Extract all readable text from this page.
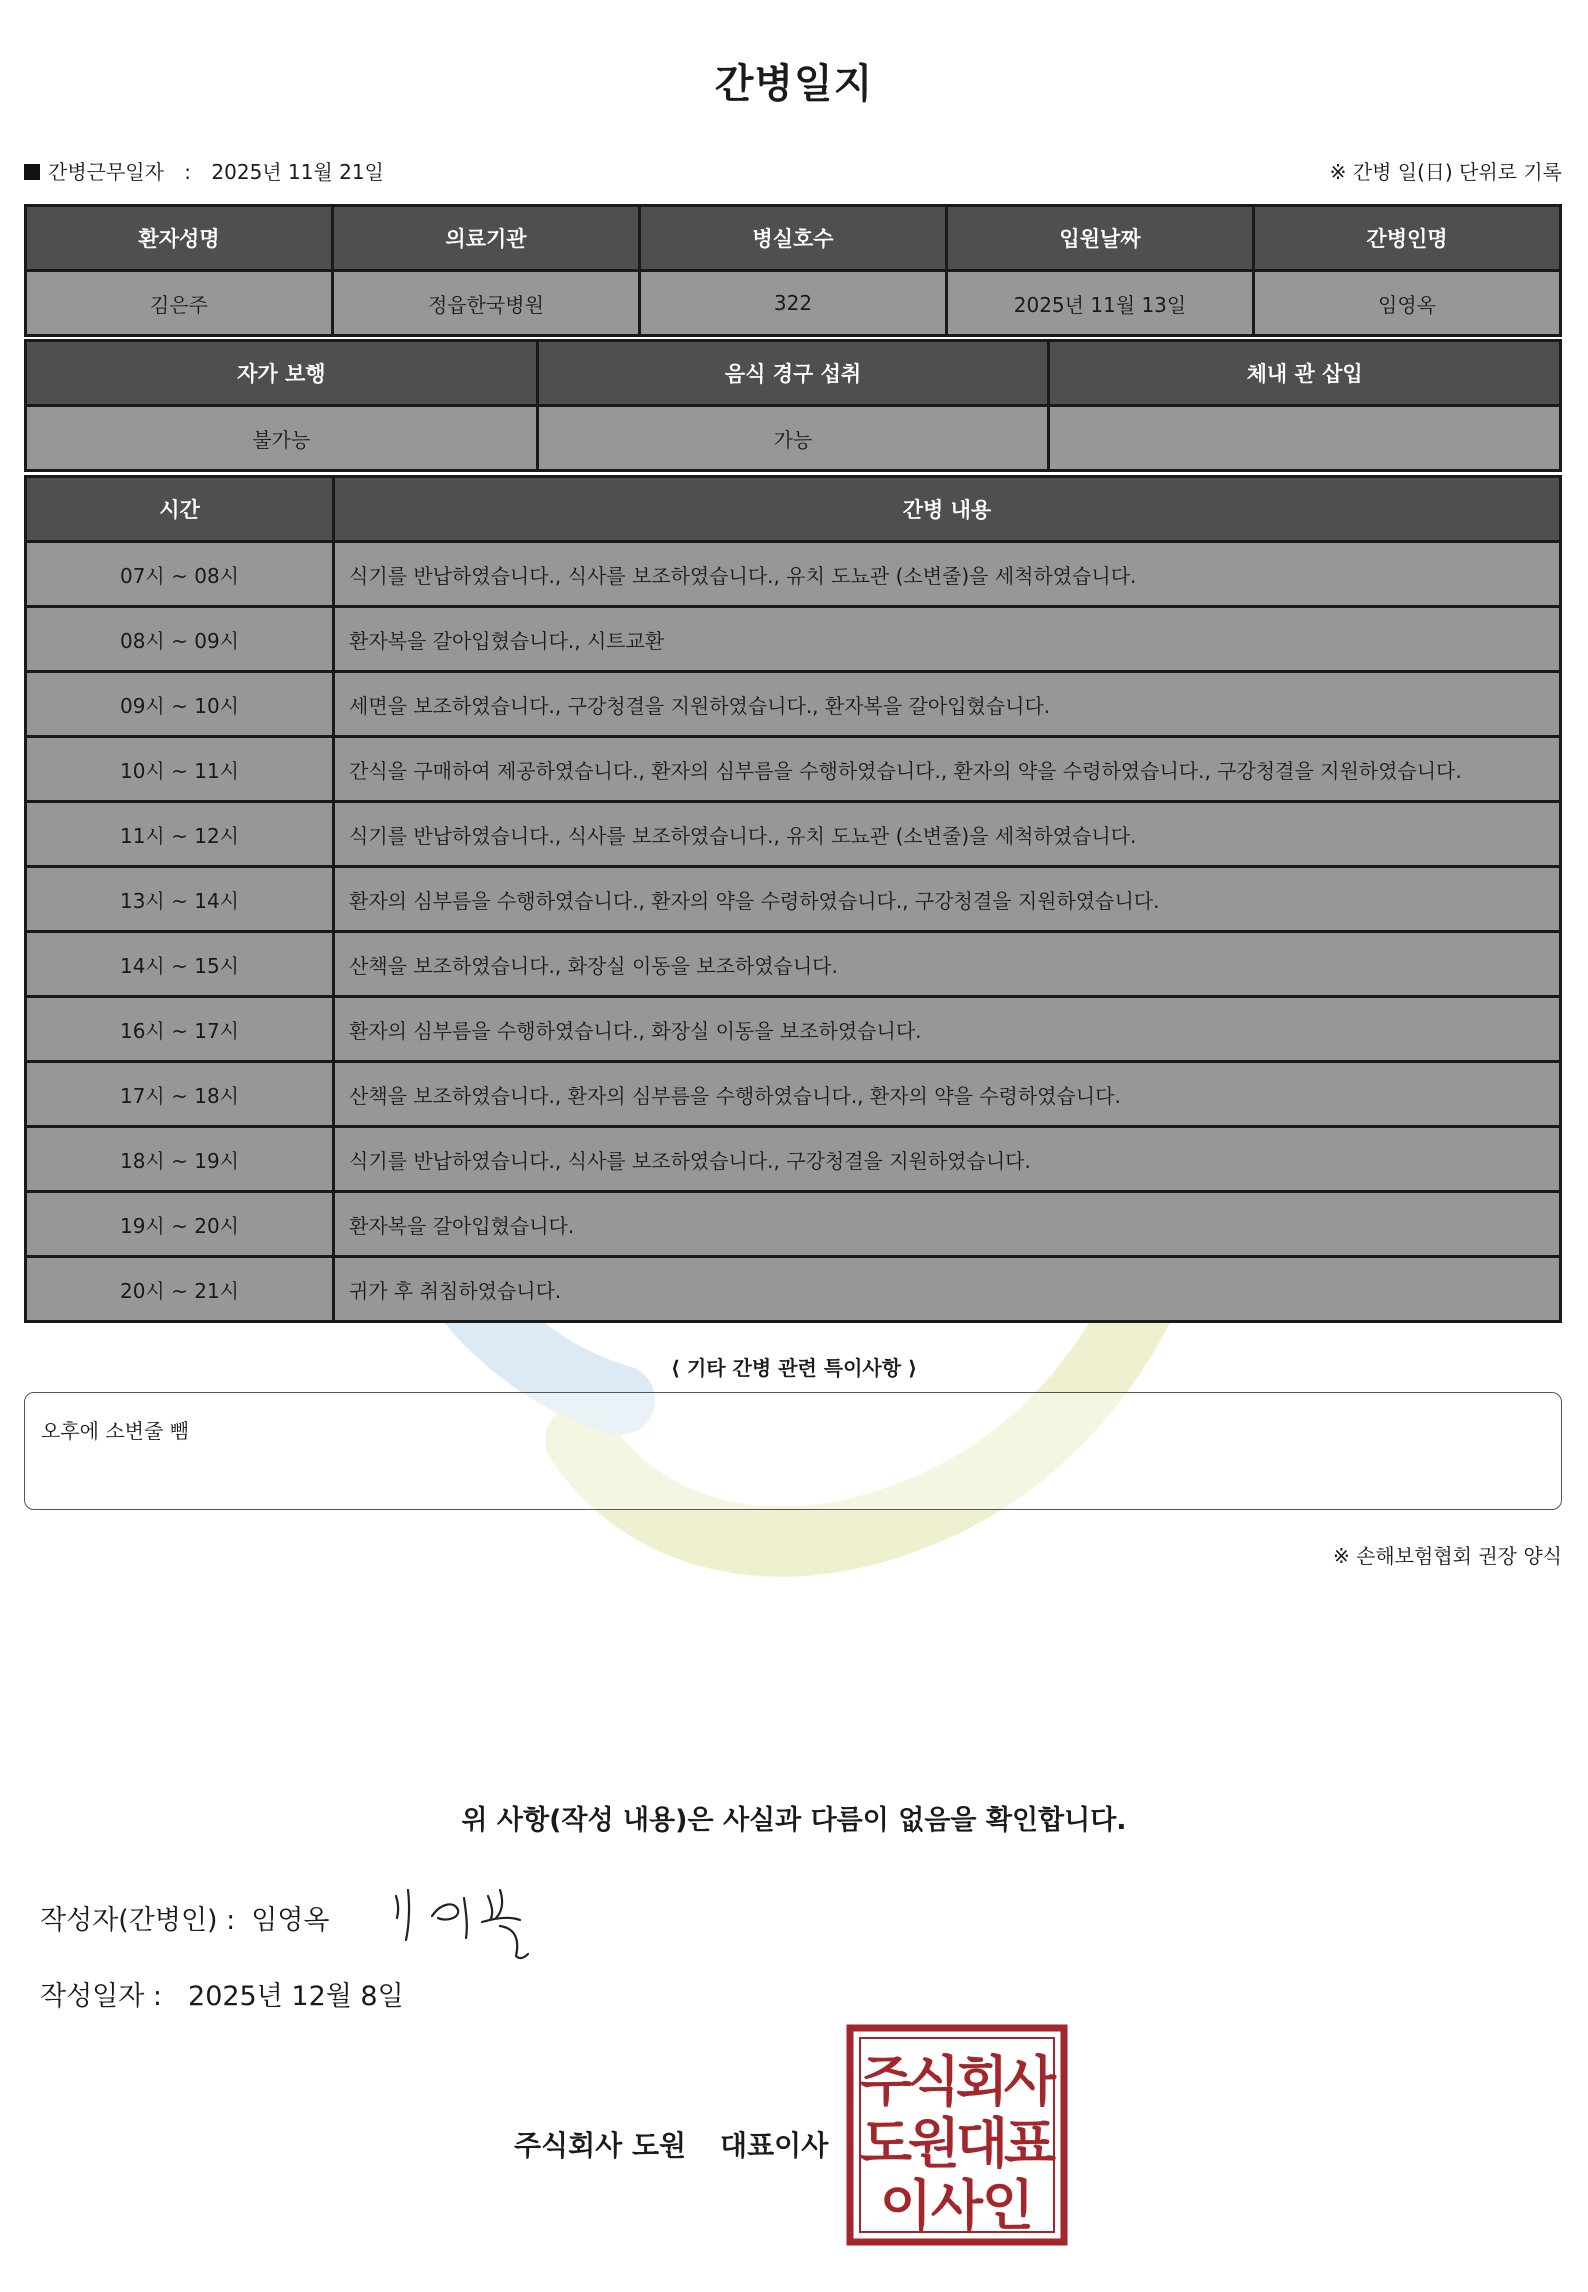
간병일지
간병근무일자 : 2025년 11월 21일	※ 간병 일(日) 단위로 기록
환자성명	의료기관	병실호수	입원날짜	간병인명
김은주	정읍한국병원	322	2025년 11월 13일	임영옥
자가 보행	음식 경구 섭취	체내 관 삽입
불가능	가능	
시간	간병 내용
07시 ~ 08시	식기를 반납하였습니다., 식사를 보조하였습니다., 유치 도뇨관 (소변줄)을 세척하였습니다.
08시 ~ 09시	환자복을 갈아입혔습니다., 시트교환
09시 ~ 10시	세면을 보조하였습니다., 구강청결을 지원하였습니다., 환자복을 갈아입혔습니다.
10시 ~ 11시	간식을 구매하여 제공하였습니다., 환자의 심부름을 수행하였습니다., 환자의 약을 수령하였습니다., 구강청결을 지원하였습니다.
11시 ~ 12시	식기를 반납하였습니다., 식사를 보조하였습니다., 유치 도뇨관 (소변줄)을 세척하였습니다.
13시 ~ 14시	환자의 심부름을 수행하였습니다., 환자의 약을 수령하였습니다., 구강청결을 지원하였습니다.
14시 ~ 15시	산책을 보조하였습니다., 화장실 이동을 보조하였습니다.
16시 ~ 17시	환자의 심부름을 수행하였습니다., 화장실 이동을 보조하였습니다.
17시 ~ 18시	산책을 보조하였습니다., 환자의 심부름을 수행하였습니다., 환자의 약을 수령하였습니다.
18시 ~ 19시	식기를 반납하였습니다., 식사를 보조하였습니다., 구강청결을 지원하였습니다.
19시 ~ 20시	환자복을 갈아입혔습니다.
20시 ~ 21시	귀가 후 취침하였습니다.
⟨ 기타 간병 관련 특이사항 ⟩
오후에 소변줄 뺌
※ 손해보험협회 권장 양식
위 사항(작성 내용)은 사실과 다름이 없음을 확인합니다.
작성자(간병인) : 임영옥
작성일자 : 2025년 12월 8일
주식회사 도원 대표이사
주
식
회
사
도
원
대
표
이
사
인
